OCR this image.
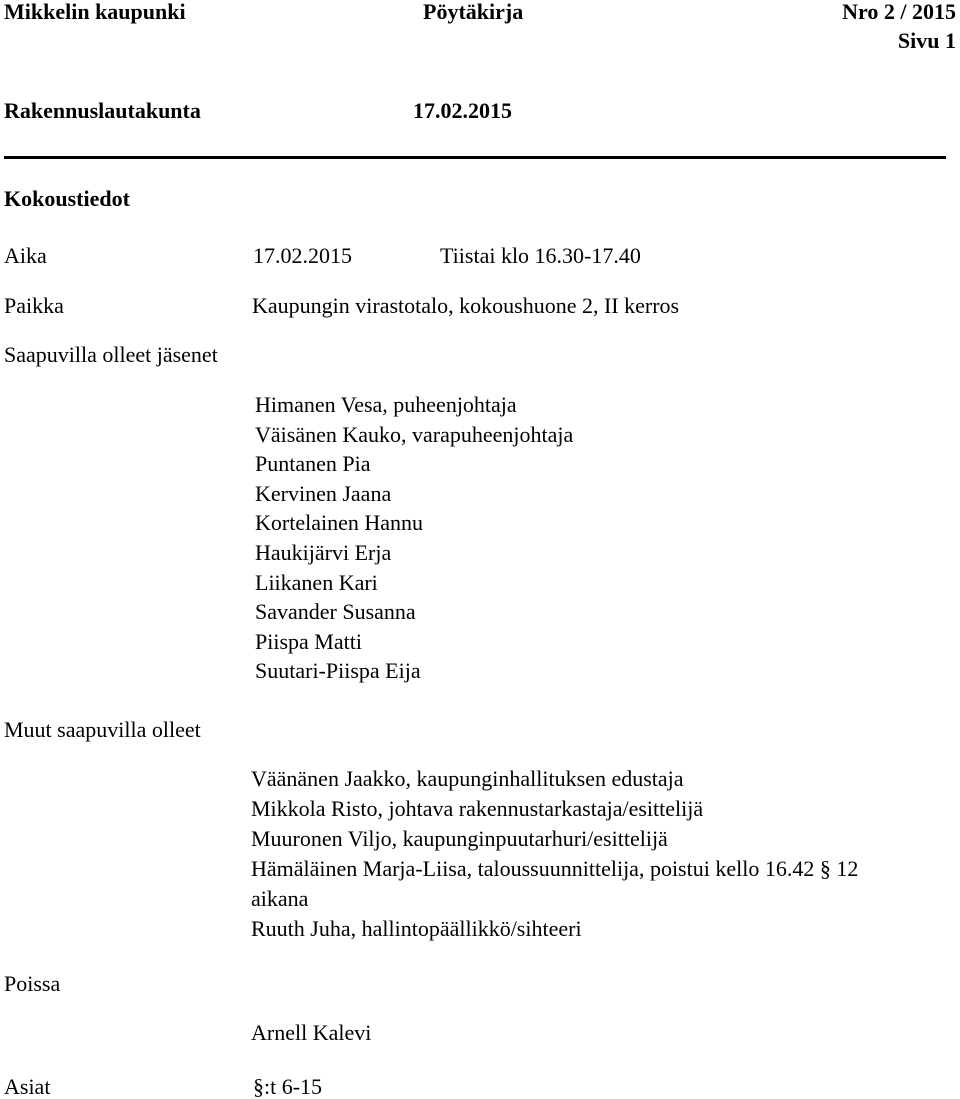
Mikkelin kaupunki	Pöytäkirja	Nro 2 / 2015
Sivu 1
Rakennuslautakunta	17.02.2015
Kokoustiedot
Aika	17.02.2015	Tiistai klo 16.30-17.40
Paikka	Kaupungin virastotalo, kokoushuone 2, II kerros
Saapuvilla olleet jäsenet
Himanen Vesa, puheenjohtaja
Väisänen Kauko, varapuheenjohtaja
Puntanen Pia
Kervinen Jaana
Kortelainen Hannu
Haukijärvi Erja
Liikanen Kari
Savander Susanna
Piispa Matti
Suutari-Piispa Eija
Muut saapuvilla olleet
Väänänen Jaakko, kaupunginhallituksen edustaja
Mikkola Risto, johtava rakennustarkastaja/esittelijä
Muuronen Viljo, kaupunginpuutarhuri/esittelijä
Hämäläinen Marja-Liisa, taloussuunnittelija, poistui kello 16.42 § 12
aikana
Ruuth Juha, hallintopäällikkö/sihteeri
Poissa
Arnell Kalevi
Asiat	§:t 6-15
